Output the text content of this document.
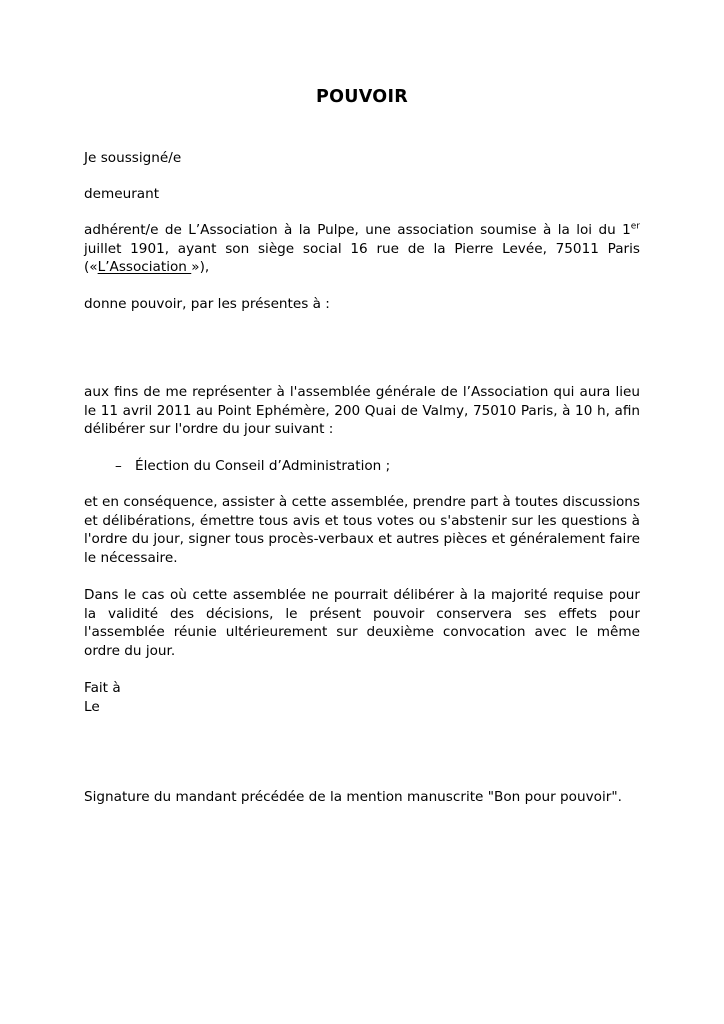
POUVOIR
Je soussigné/e
demeurant
adhérent/e de L’Association à la Pulpe, une association soumise à la loi du 1er juillet 1901, ayant son siège social 16 rue de la Pierre Levée, 75011 Paris («L’Association »),
donne pouvoir, par les présentes à :
aux fins de me représenter à l'assemblée générale de l’Association qui aura lieu le 11 avril 2011 au Point Ephémère, 200 Quai de Valmy, 75010 Paris, à 10 h, afin délibérer sur l'ordre du jour suivant :
– Élection du Conseil d’Administration ;
et en conséquence, assister à cette assemblée, prendre part à toutes discussions et délibérations, émettre tous avis et tous votes ou s'abstenir sur les questions à l'ordre du jour, signer tous procès-verbaux et autres pièces et généralement faire le nécessaire.
Dans le cas où cette assemblée ne pourrait délibérer à la majorité requise pour la validité des décisions, le présent pouvoir conservera ses effets pour l'assemblée réunie ultérieurement sur deuxième convocation avec le même ordre du jour.
Fait à
Le
Signature du mandant précédée de la mention manuscrite "Bon pour pouvoir".
